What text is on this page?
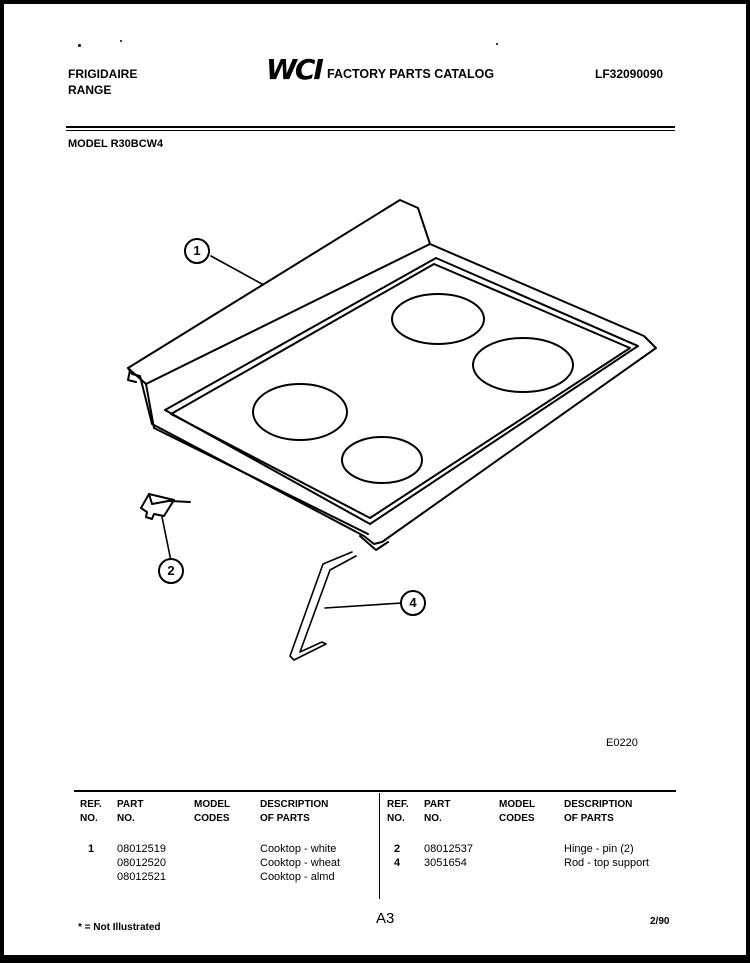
FRIGIDAIRE
RANGE
WCI FACTORY PARTS CATALOG	LF32090090
MODEL R30BCW4
1
2
4
E0220
REF.
NO.
PART
NO.
MODEL
CODES
DESCRIPTION
OF PARTS
REF.
NO.
PART
NO.
MODEL
CODES
DESCRIPTION
OF PARTS
1 08012519
08012520
08012521
Cooktop - white
Cooktop - wheat
Cooktop - almd
2
4
08012537
3051654
Hinge - pin (2)
Rod - top support
* = Not Illustrated
A3	2/90
